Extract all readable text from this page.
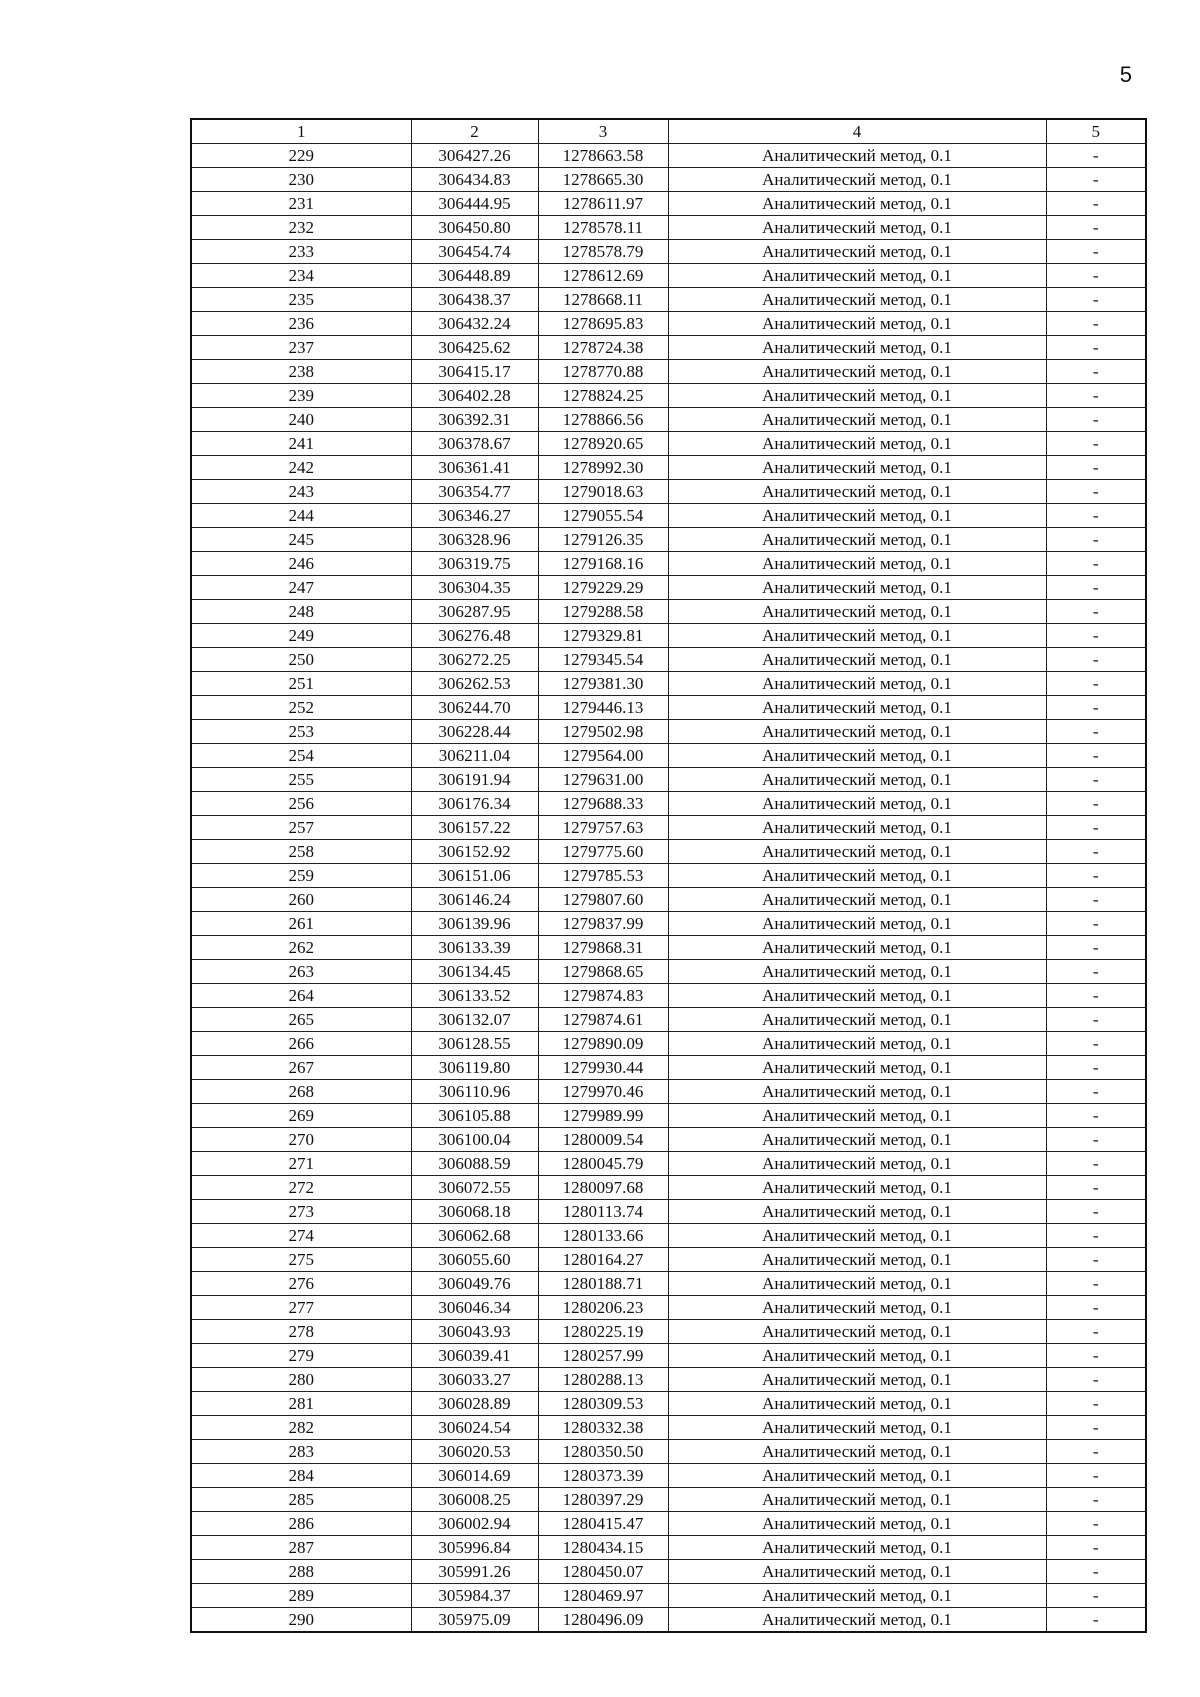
5
1	2	3	4	5
229	306427.26	1278663.58	Аналитический метод, 0.1	-
230	306434.83	1278665.30	Аналитический метод, 0.1	-
231	306444.95	1278611.97	Аналитический метод, 0.1	-
232	306450.80	1278578.11	Аналитический метод, 0.1	-
233	306454.74	1278578.79	Аналитический метод, 0.1	-
234	306448.89	1278612.69	Аналитический метод, 0.1	-
235	306438.37	1278668.11	Аналитический метод, 0.1	-
236	306432.24	1278695.83	Аналитический метод, 0.1	-
237	306425.62	1278724.38	Аналитический метод, 0.1	-
238	306415.17	1278770.88	Аналитический метод, 0.1	-
239	306402.28	1278824.25	Аналитический метод, 0.1	-
240	306392.31	1278866.56	Аналитический метод, 0.1	-
241	306378.67	1278920.65	Аналитический метод, 0.1	-
242	306361.41	1278992.30	Аналитический метод, 0.1	-
243	306354.77	1279018.63	Аналитический метод, 0.1	-
244	306346.27	1279055.54	Аналитический метод, 0.1	-
245	306328.96	1279126.35	Аналитический метод, 0.1	-
246	306319.75	1279168.16	Аналитический метод, 0.1	-
247	306304.35	1279229.29	Аналитический метод, 0.1	-
248	306287.95	1279288.58	Аналитический метод, 0.1	-
249	306276.48	1279329.81	Аналитический метод, 0.1	-
250	306272.25	1279345.54	Аналитический метод, 0.1	-
251	306262.53	1279381.30	Аналитический метод, 0.1	-
252	306244.70	1279446.13	Аналитический метод, 0.1	-
253	306228.44	1279502.98	Аналитический метод, 0.1	-
254	306211.04	1279564.00	Аналитический метод, 0.1	-
255	306191.94	1279631.00	Аналитический метод, 0.1	-
256	306176.34	1279688.33	Аналитический метод, 0.1	-
257	306157.22	1279757.63	Аналитический метод, 0.1	-
258	306152.92	1279775.60	Аналитический метод, 0.1	-
259	306151.06	1279785.53	Аналитический метод, 0.1	-
260	306146.24	1279807.60	Аналитический метод, 0.1	-
261	306139.96	1279837.99	Аналитический метод, 0.1	-
262	306133.39	1279868.31	Аналитический метод, 0.1	-
263	306134.45	1279868.65	Аналитический метод, 0.1	-
264	306133.52	1279874.83	Аналитический метод, 0.1	-
265	306132.07	1279874.61	Аналитический метод, 0.1	-
266	306128.55	1279890.09	Аналитический метод, 0.1	-
267	306119.80	1279930.44	Аналитический метод, 0.1	-
268	306110.96	1279970.46	Аналитический метод, 0.1	-
269	306105.88	1279989.99	Аналитический метод, 0.1	-
270	306100.04	1280009.54	Аналитический метод, 0.1	-
271	306088.59	1280045.79	Аналитический метод, 0.1	-
272	306072.55	1280097.68	Аналитический метод, 0.1	-
273	306068.18	1280113.74	Аналитический метод, 0.1	-
274	306062.68	1280133.66	Аналитический метод, 0.1	-
275	306055.60	1280164.27	Аналитический метод, 0.1	-
276	306049.76	1280188.71	Аналитический метод, 0.1	-
277	306046.34	1280206.23	Аналитический метод, 0.1	-
278	306043.93	1280225.19	Аналитический метод, 0.1	-
279	306039.41	1280257.99	Аналитический метод, 0.1	-
280	306033.27	1280288.13	Аналитический метод, 0.1	-
281	306028.89	1280309.53	Аналитический метод, 0.1	-
282	306024.54	1280332.38	Аналитический метод, 0.1	-
283	306020.53	1280350.50	Аналитический метод, 0.1	-
284	306014.69	1280373.39	Аналитический метод, 0.1	-
285	306008.25	1280397.29	Аналитический метод, 0.1	-
286	306002.94	1280415.47	Аналитический метод, 0.1	-
287	305996.84	1280434.15	Аналитический метод, 0.1	-
288	305991.26	1280450.07	Аналитический метод, 0.1	-
289	305984.37	1280469.97	Аналитический метод, 0.1	-
290	305975.09	1280496.09	Аналитический метод, 0.1	-
